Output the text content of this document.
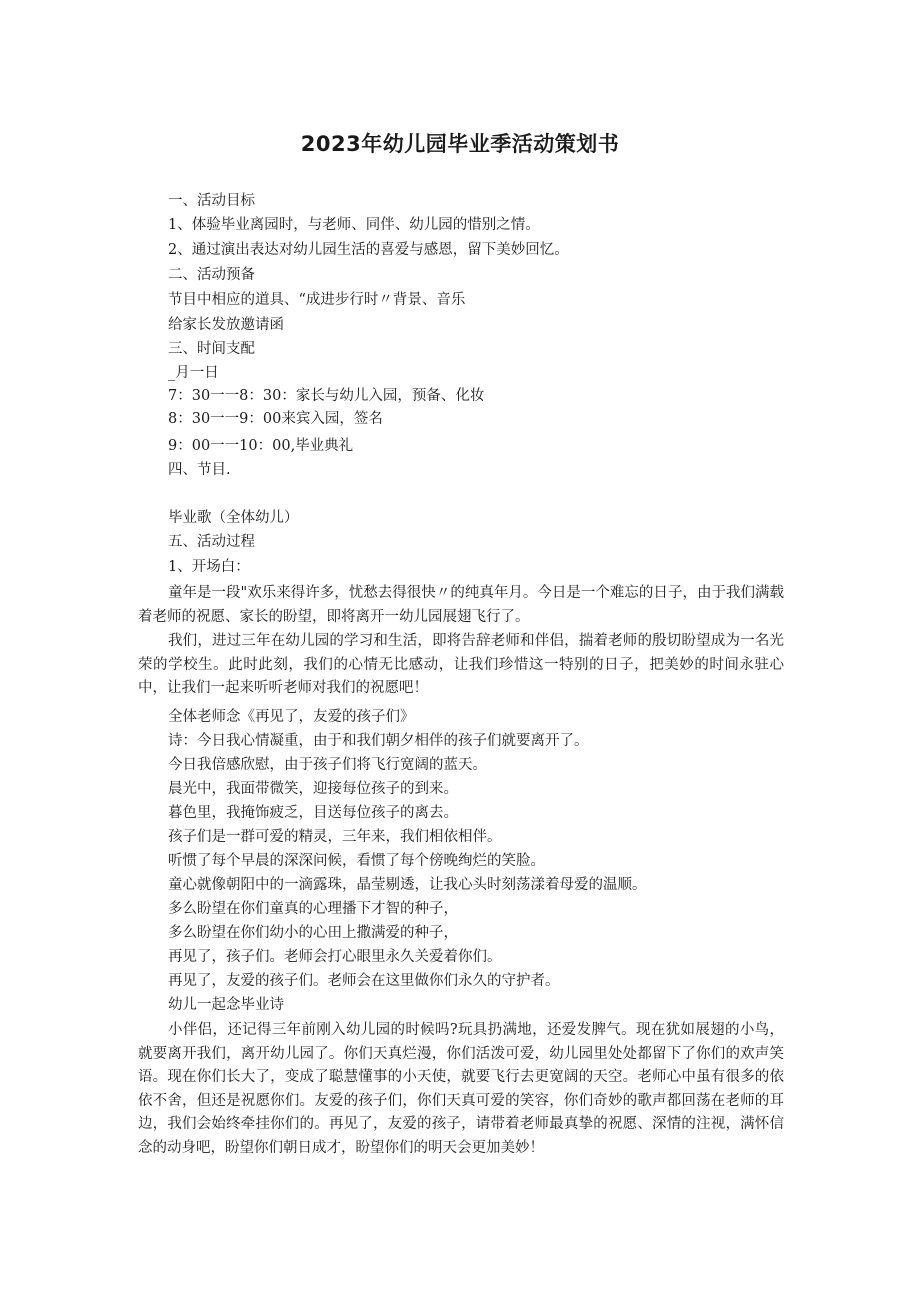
2023年幼儿园毕业季活动策划书

一、活动目标

1、体验毕业离园时，与老师、同伴、幼儿园的惜别之情。

2、通过演出表达对幼儿园生活的喜爱与感恩，留下美妙回忆。

二、活动预备

节目中相应的道具、“成进步行时〃背景、音乐

给家长发放邀请函

三、时间支配

_月一日

7：30一一8：30：家长与幼儿入园，预备、化妆

8：30一一9：00来宾入园，签名

9：00一一10：00,毕业典礼

四、节目.

毕业歌（全体幼儿）

五、活动过程

1、开场白：

童年是一段"欢乐来得许多，忧愁去得很快〃的纯真年月。今日是一个难忘的日子，由于我们满载着老师的祝愿、家长的盼望，即将离开一幼儿园展翅飞行了。

我们，进过三年在幼儿园的学习和生活，即将告辞老师和伴侣，揣着老师的殷切盼望成为一名光荣的学校生。此时此刻，我们的心情无比感动，让我们珍惜这一特别的日子，把美妙的时间永驻心中，让我们一起来听听老师对我们的祝愿吧！

全体老师念《再见了，友爱的孩子们》

诗：今日我心情凝重，由于和我们朝夕相伴的孩子们就要离开了。

今日我倍感欣慰，由于孩子们将飞行宽阔的蓝天。

晨光中，我面带微笑，迎接每位孩子的到来。

暮色里，我掩饰疲乏，目送每位孩子的离去。

孩子们是一群可爱的精灵，三年来，我们相依相伴。

听惯了每个早晨的深深问候，看惯了每个傍晚绚烂的笑脸。

童心就像朝阳中的一滴露珠，晶莹剔透，让我心头时刻荡漾着母爱的温顺。

多么盼望在你们童真的心理播下才智的种子，

多么盼望在你们幼小的心田上撒满爱的种子，

再见了，孩子们。老师会打心眼里永久关爱着你们。

再见了，友爱的孩子们。老师会在这里做你们永久的守护者。

幼儿一起念毕业诗

小伴侣，还记得三年前刚入幼儿园的时候吗?玩具扔满地，还爱发脾气。现在犹如展翅的小鸟，就要离开我们，离开幼儿园了。你们天真烂漫，你们活泼可爱，幼儿园里处处都留下了你们的欢声笑语。现在你们长大了，变成了聪慧懂事的小天使，就要飞行去更宽阔的天空。老师心中虽有很多的依依不舍，但还是祝愿你们。友爱的孩子们，你们天真可爱的笑容，你们奇妙的歌声都回荡在老师的耳边，我们会始终牵挂你们的。再见了，友爱的孩子，请带着老师最真挚的祝愿、深情的注视，满怀信念的动身吧，盼望你们朝日成才，盼望你们的明天会更加美妙！
